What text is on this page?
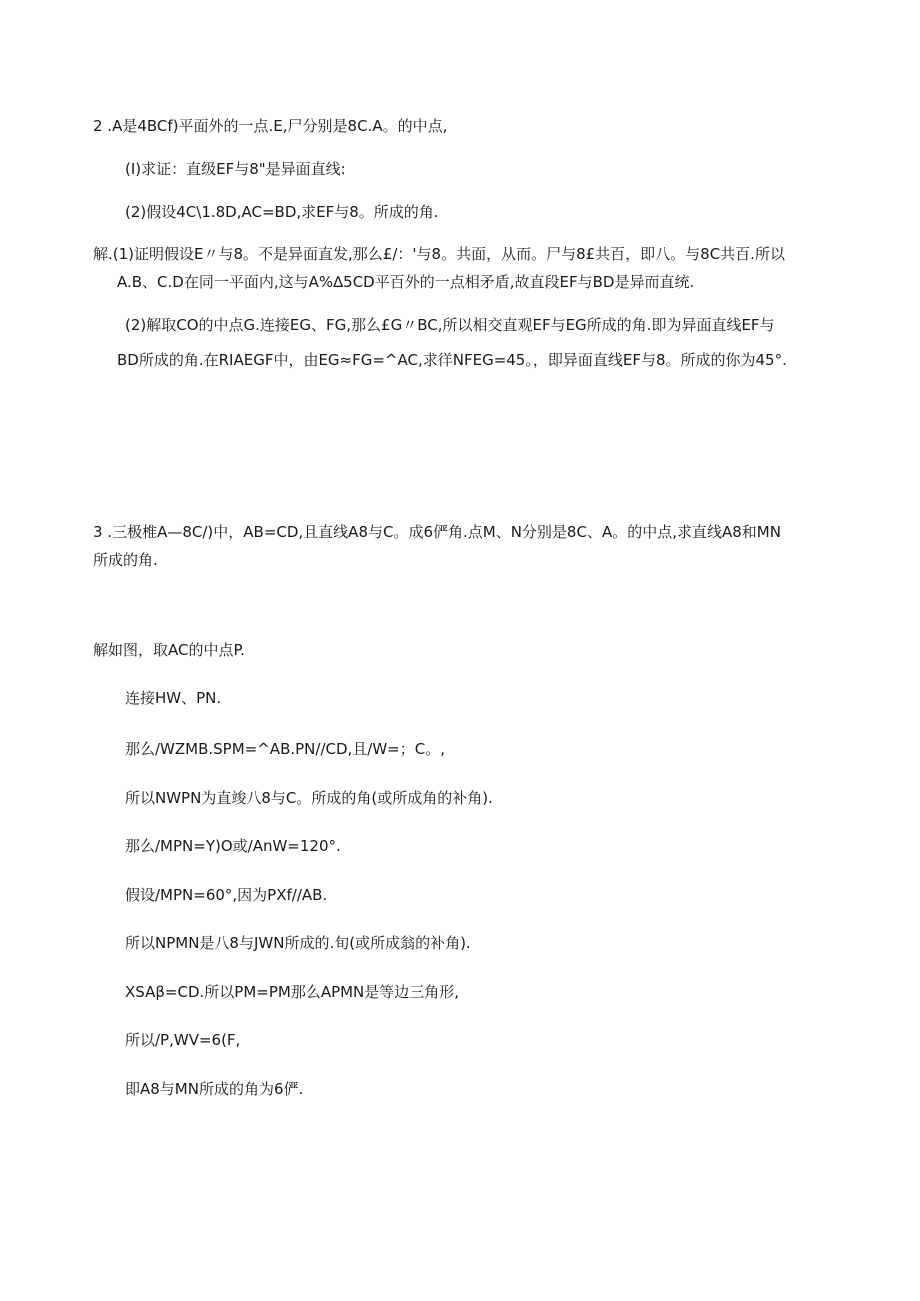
2 .A是4BCf)平面外的一点.E,尸分别是8C.A。的中点,
(I)求证：直级EF与8"是异面直线:
(2)假设4C\1.8D,AC=BD,求EF与8。所成的角.
解.(1)证明假设E〃与8。不是异面直发,那么£/：'与8。共面，从而。尸与8£共百，即八。与8C共百.所以
A.B、C.D在同一平面内,这与A%∆5CD平百外的一点相矛盾,故直段EF与BD是异而直统.
(2)解取CO的中点G.连接EG、FG,那么£G〃BC,所以相交直观EF与EG所成的角.即为异面直线EF与
BD所成的角.在RIAEGF中，由EG≈FG=^AC,求徉NFEG=45。，即异面直线EF与8。所成的你为45°.
3 .三极椎A—8C/)中，AB=CD,且直线A8与C。成6俨角.点M、N分别是8C、A。的中点,求直线A8和MN
所成的角.
解如图，取AC的中点P.
连接HW、PN.
那么/WZMB.SPM=^AB.PN//CD,且/W=；C。,
所以NWPN为直竣八8与C。所成的角(或所成角的补角).
那么/MPN=Y)O或/AnW=120°.
假设/MPN=60°,因为PXf//AB.
所以NPMN是八8与JWN所成的.旬(或所成翁的补角).
XSAβ=CD.所以PM=PM那么APMN是等边三角形,
所以/P,WV=6(F,
即A8与MN所成的角为6俨.
